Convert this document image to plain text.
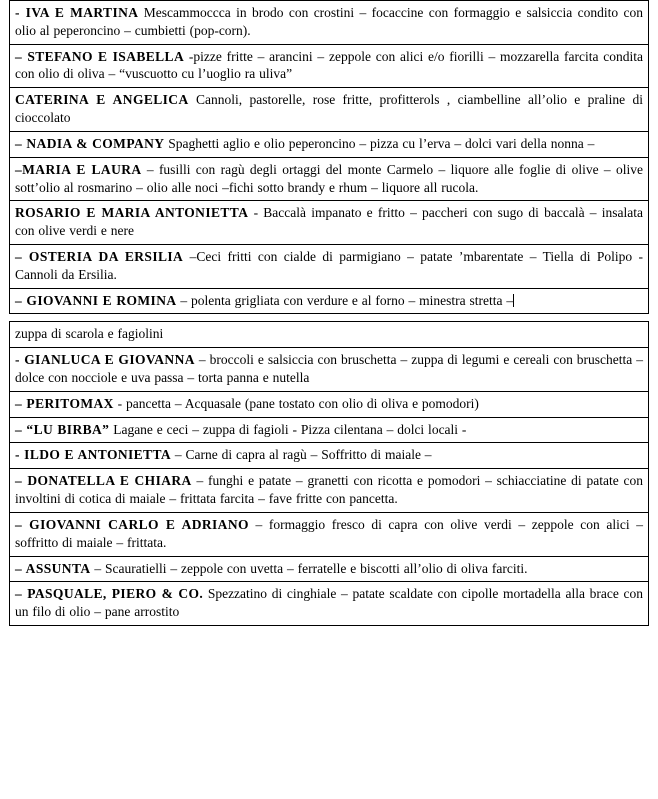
- IVA E MARTINA Mescammoccca in brodo con crostini – focaccine con formaggio e salsiccia condito con olio al peperoncino – cumbietti (pop-corn).
– STEFANO E ISABELLA -pizze fritte – arancini – zeppole con alici e/o fiorilli – mozzarella farcita condita con olio di oliva – “vuscuotto cu l’uoglio ra uliva”
CATERINA E ANGELICA Cannoli, pastorelle, rose fritte, profitterols , ciambelline all’olio e praline di cioccolato
– NADIA & COMPANY Spaghetti aglio e olio peperoncino – pizza cu l’erva – dolci vari della nonna –
–MARIA E LAURA – fusilli con ragù degli ortaggi del monte Carmelo – liquore alle foglie di olive – olive sott’olio al rosmarino – olio alle noci –fichi sotto brandy e rhum – liquore all rucola.
ROSARIO E MARIA ANTONIETTA - Baccalà impanato e fritto – paccheri con sugo di baccalà – insalata con olive verdi e nere
– OSTERIA DA ERSILIA –Ceci fritti con cialde di parmigiano – patate ’mbarentate – Tiella di Polipo - Cannoli da Ersilia.
– GIOVANNI E ROMINA – polenta grigliata con verdure e al forno – minestra stretta –
zuppa di scarola e fagiolini
- GIANLUCA E GIOVANNA – broccoli e salsiccia con bruschetta – zuppa di legumi e cereali con bruschetta – dolce con nocciole e uva passa – torta panna e nutella
– PERITOMAX - pancetta – Acquasale (pane tostato con olio di oliva e pomodori)
– “LU BIRBA” Lagane e ceci – zuppa di fagioli - Pizza cilentana – dolci locali -
- ILDO E ANTONIETTA – Carne di capra al ragù – Soffritto di maiale –
– DONATELLA E CHIARA – funghi e patate – granetti con ricotta e pomodori – schiacciatine di patate con involtini di cotica di maiale – frittata farcita – fave fritte con pancetta.
– GIOVANNI CARLO E ADRIANO – formaggio fresco di capra con olive verdi – zeppole con alici – soffritto di maiale – frittata.
– ASSUNTA – Scauratielli – zeppole con uvetta – ferratelle e biscotti all’olio di oliva farciti.
– PASQUALE, PIERO & CO. Spezzatino di cinghiale – patate scaldate con cipolle mortadella alla brace con un filo di olio – pane arrostito
